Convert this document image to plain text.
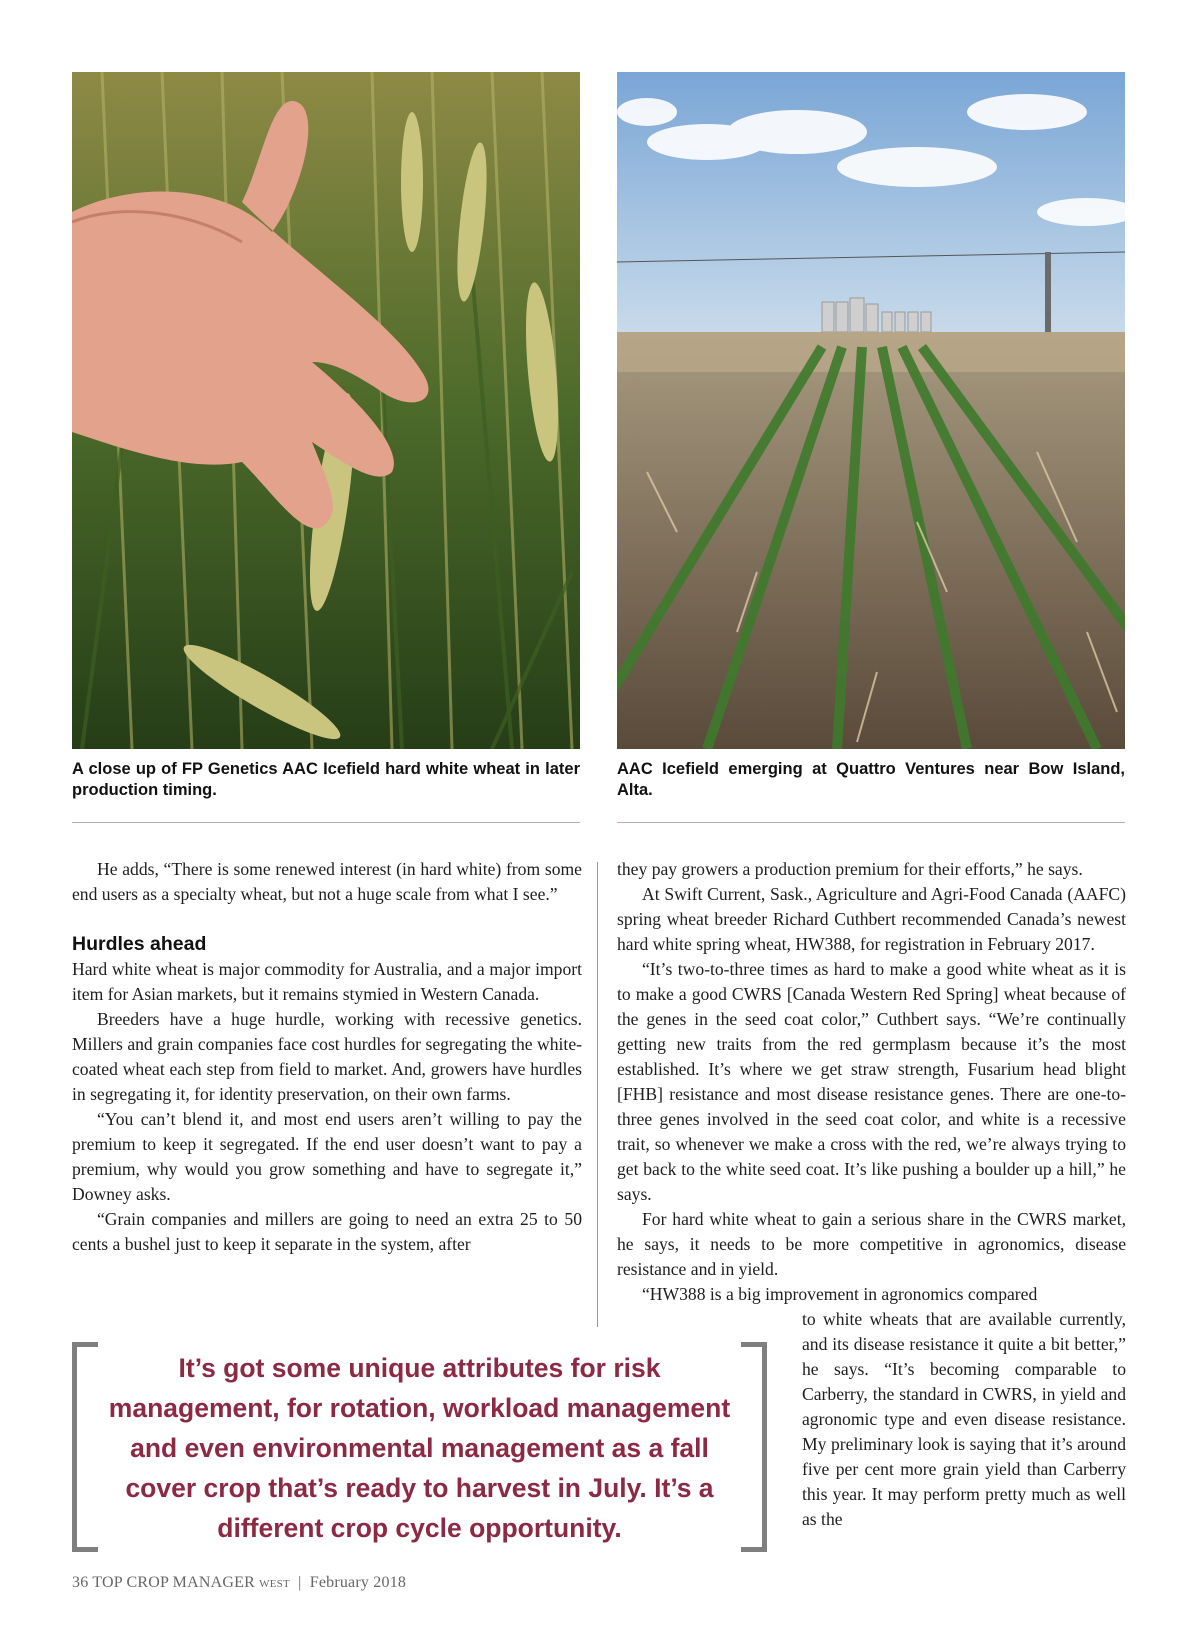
A close up of FP Genetics AAC Icefield hard white wheat in later production timing.

AAC Icefield emerging at Quattro Ventures near Bow Island, Alta.

He adds, “There is some renewed interest (in hard white) from some end users as a specialty wheat, but not a huge scale from what I see.”

Hurdles ahead

Hard white wheat is major commodity for Australia, and a major import item for Asian markets, but it remains stymied in Western Canada.

Breeders have a huge hurdle, working with recessive genetics. Millers and grain companies face cost hurdles for segregating the white-coated wheat each step from field to market. And, growers have hurdles in segregating it, for identity preservation, on their own farms.

“You can’t blend it, and most end users aren’t willing to pay the premium to keep it segregated. If the end user doesn’t want to pay a premium, why would you grow something and have to segregate it,” Downey asks.

“Grain companies and millers are going to need an extra 25 to 50 cents a bushel just to keep it separate in the system, after

they pay growers a production premium for their efforts,” he says.

At Swift Current, Sask., Agriculture and Agri-Food Canada (AAFC) spring wheat breeder Richard Cuthbert recommended Canada’s newest hard white spring wheat, HW388, for registration in February 2017.

“It’s two-to-three times as hard to make a good white wheat as it is to make a good CWRS [Canada Western Red Spring] wheat because of the genes in the seed coat color,” Cuthbert says. “We’re continually getting new traits from the red germplasm because it’s the most established. It’s where we get straw strength, Fusarium head blight [FHB] resistance and most disease resistance genes. There are one-to-three genes involved in the seed coat color, and white is a recessive trait, so whenever we make a cross with the red, we’re always trying to get back to the white seed coat. It’s like pushing a boulder up a hill,” he says.

For hard white wheat to gain a serious share in the CWRS market, he says, it needs to be more competitive in agronomics, disease resistance and in yield.

“HW388 is a big improvement in agronomics compared

to white wheats that are available currently, and its disease resistance it quite a bit better,” he says. “It’s becoming comparable to Carberry, the standard in CWRS, in yield and agronomic type and even disease resistance. My preliminary look is saying that it’s around five per cent more grain yield than Carberry this year. It may perform pretty much as well as the

It’s got some unique attributes for risk management, for rotation, workload management and even environmental management as a fall cover crop that’s ready to harvest in July. It’s a different crop cycle opportunity.

36 TOP CROP MANAGER WEST | February 2018
